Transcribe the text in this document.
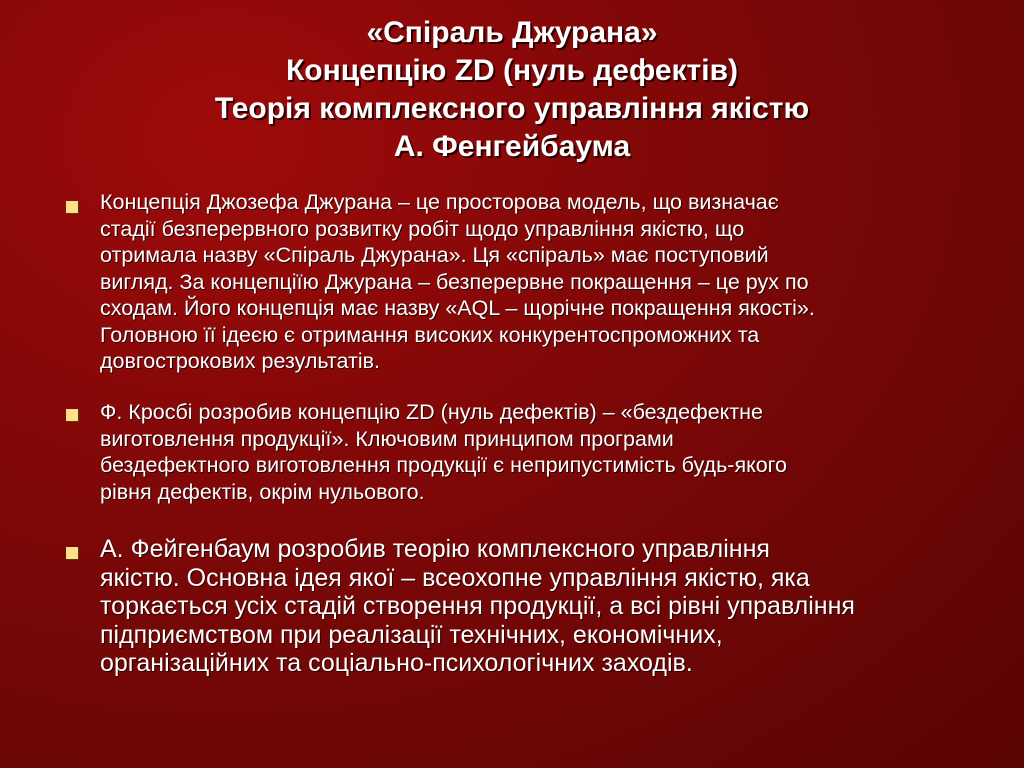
«Спіраль Джурана»
Концепцію ZD (нуль дефектів)
Теорія комплексного управління якістю
А. Фенгейбаума
Концепція Джозефа Джурана – це просторова модель, що визначає
стадії безперервного розвитку робіт щодо управління якістю, що
отримала назву «Спіраль Джурана». Ця «спіраль» має поступовий
вигляд. За концепціїю Джурана – безперервне покращення – це рух по
сходам. Його концепція має назву «AQL – щорічне покращення якості».
Головною її ідеєю є отримання високих конкурентоспроможних та
довгострокових результатів.
Ф. Кросбі розробив концепцію ZD (нуль дефектів) – «бездефектне
виготовлення продукції». Ключовим принципом програми
бездефектного виготовлення продукції є неприпустимість будь-якого
рівня дефектів, окрім нульового.
А. Фейгенбаум розробив теорію комплексного управління
якістю. Основна ідея якої – всеохопне управління якістю, яка
торкається усіх стадій створення продукції, а всі рівні управління
підприємством при реалізації технічних, економічних,
організаційних та соціально-психологічних заходів.
